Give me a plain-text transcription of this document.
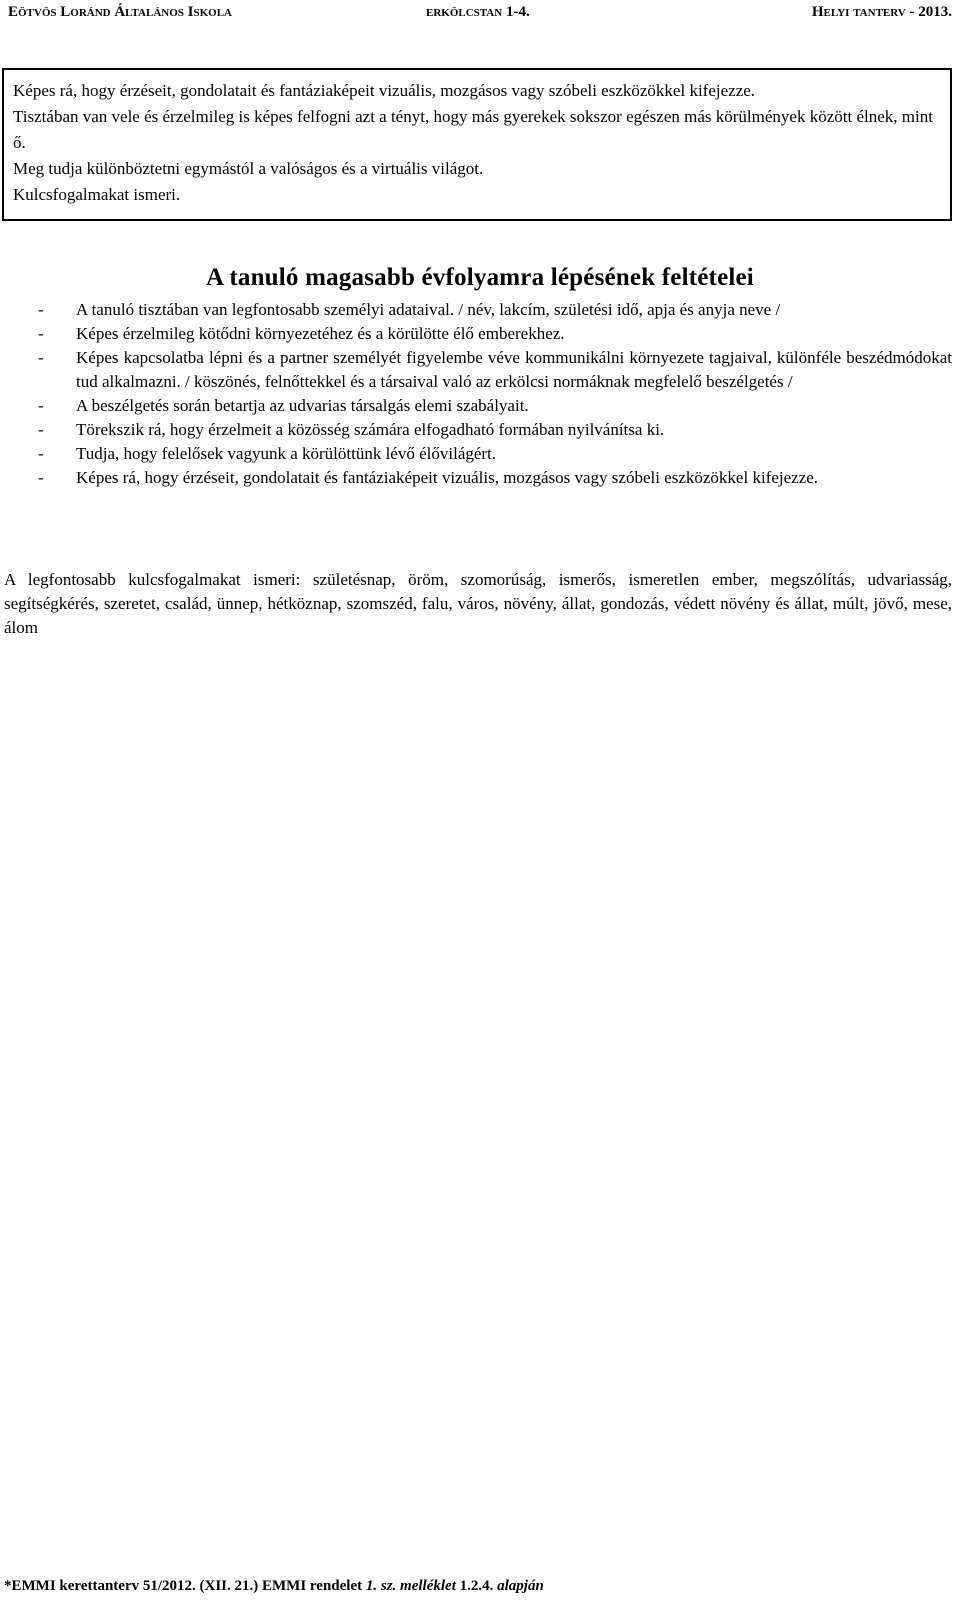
Eötvös Loránd Általános Iskola	erkölcstan 1-4.	Helyi tanterv - 2013.

Képes rá, hogy érzéseit, gondolatait és fantáziaképeit vizuális, mozgásos vagy szóbeli eszközökkel kifejezze.

Tisztában van vele és érzelmileg is képes felfogni azt a tényt, hogy más gyerekek sokszor egészen más körülmények között élnek, mint ő.

Meg tudja különböztetni egymástól a valóságos és a virtuális világot.

Kulcsfogalmakat ismeri.

A tanuló magasabb évfolyamra lépésének feltételei
- A tanuló tisztában van legfontosabb személyi adataival. / név, lakcím, születési idő, apja és anyja neve /
- Képes érzelmileg kötődni környezetéhez és a körülötte élő emberekhez.
- Képes kapcsolatba lépni és a partner személyét figyelembe véve kommunikálni környezete tagjaival, különféle beszédmódokat tud alkalmazni. / köszönés, felnőttekkel és a társaival való az erkölcsi normáknak megfelelő beszélgetés /
- A beszélgetés során betartja az udvarias társalgás elemi szabályait.
- Törekszik rá, hogy érzelmeit a közösség számára elfogadható formában nyilvánítsa ki.
- Tudja, hogy felelősek vagyunk a körülöttünk lévő élővilágért.
- Képes rá, hogy érzéseit, gondolatait és fantáziaképeit vizuális, mozgásos vagy szóbeli eszközökkel kifejezze.

A legfontosabb kulcsfogalmakat ismeri: születésnap, öröm, szomorúság, ismerős, ismeretlen ember, megszólítás, udvariasság, segítségkérés, szeretet, család, ünnep, hétköznap, szomszéd, falu, város, növény, állat, gondozás, védett növény és állat, múlt, jövő, mese, álom

*EMMI kerettanterv 51/2012. (XII. 21.) EMMI rendelet 1. sz. melléklet 1.2.4. alapján
